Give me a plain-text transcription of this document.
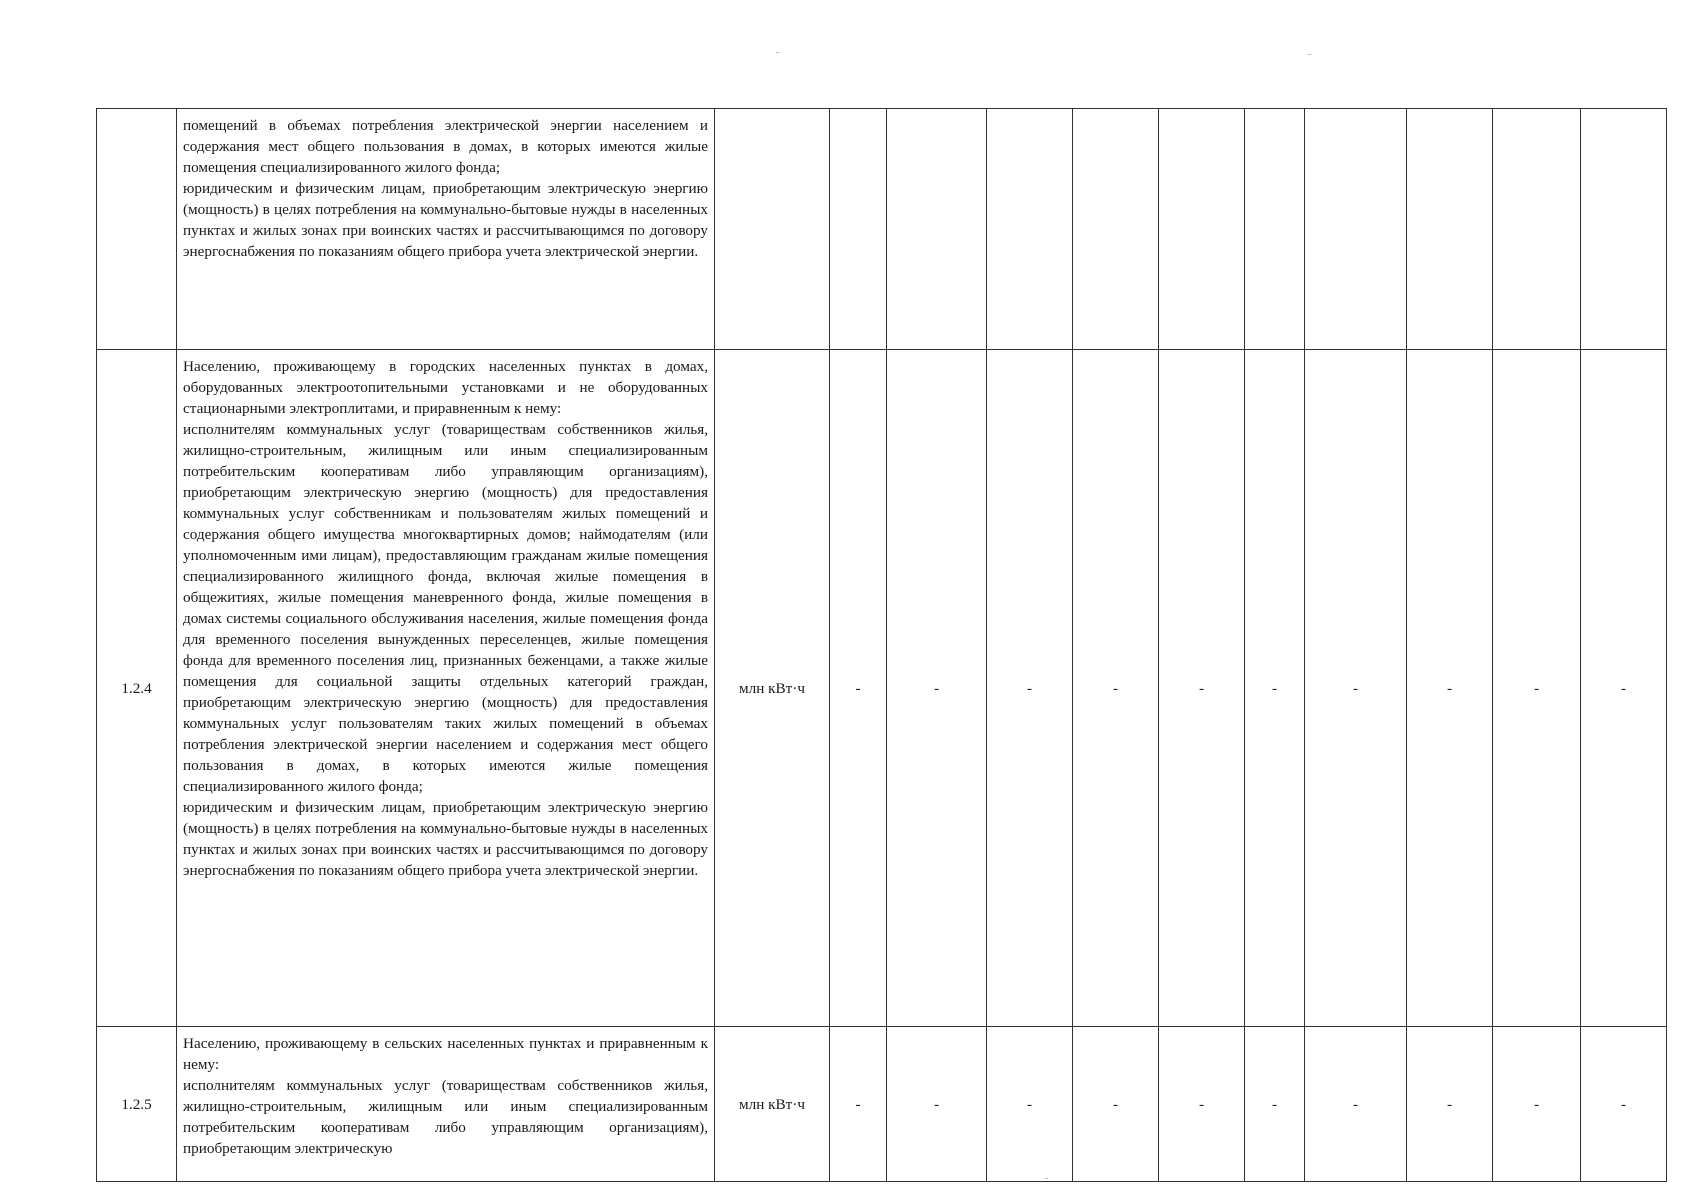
	помещений в объемах потребления электрической энергии населением и содержания мест общего пользования в домах, в которых имеются жилые помещения специализированного жилого фонда;

юридическим и физическим лицам, приобретающим электрическую энергию (мощность) в целях потребления на коммунально-бытовые нужды в населенных пунктах и жилых зонах при воинских частях и рассчитывающимся по договору энергоснабжения по показаниям общего прибора учета электрической энергии.											

1.2.4	Населению, проживающему в городских населенных пунктах в домах, оборудованных электроотопительными установками и не оборудованных стационарными электроплитами, и приравненным к нему:

исполнителям коммунальных услуг (товариществам собственников жилья, жилищно-строительным, жилищным или иным специализированным потребительским кооперативам либо управляющим организациям), приобретающим электрическую энергию (мощность) для предоставления коммунальных услуг собственникам и пользователям жилых помещений и содержания общего имущества многоквартирных домов; наймодателям (или уполномоченным ими лицам), предоставляющим гражданам жилые помещения специализированного жилищного фонда, включая жилые помещения в общежитиях, жилые помещения маневренного фонда, жилые помещения в домах системы социального обслуживания населения, жилые помещения фонда для временного поселения вынужденных переселенцев, жилые помещения фонда для временного поселения лиц, признанных беженцами, а также жилые помещения для социальной защиты отдельных категорий граждан, приобретающим электрическую энергию (мощность) для предоставления коммунальных услуг пользователям таких жилых помещений в объемах потребления электрической энергии населением и содержания мест общего пользования в домах, в которых имеются жилые помещения специализированного жилого фонда;

юридическим и физическим лицам, приобретающим электрическую энергию (мощность) в целях потребления на коммунально-бытовые нужды в населенных пунктах и жилых зонах при воинских частях и рассчитывающимся по договору энергоснабжения по показаниям общего прибора учета электрической энергии.	млн кВт·ч	-	-	-	-	-	-	-	-	-	-
1.2.5	Населению, проживающему в сельских населенных пунктах и приравненным к нему:

исполнителям коммунальных услуг (товариществам собственников жилья, жилищно-строительным, жилищным или иным специализированным потребительским кооперативам либо управляющим организациям), приобретающим электрическую	млн кВт·ч	-	-	-	-	-	-	-	-	-	-
